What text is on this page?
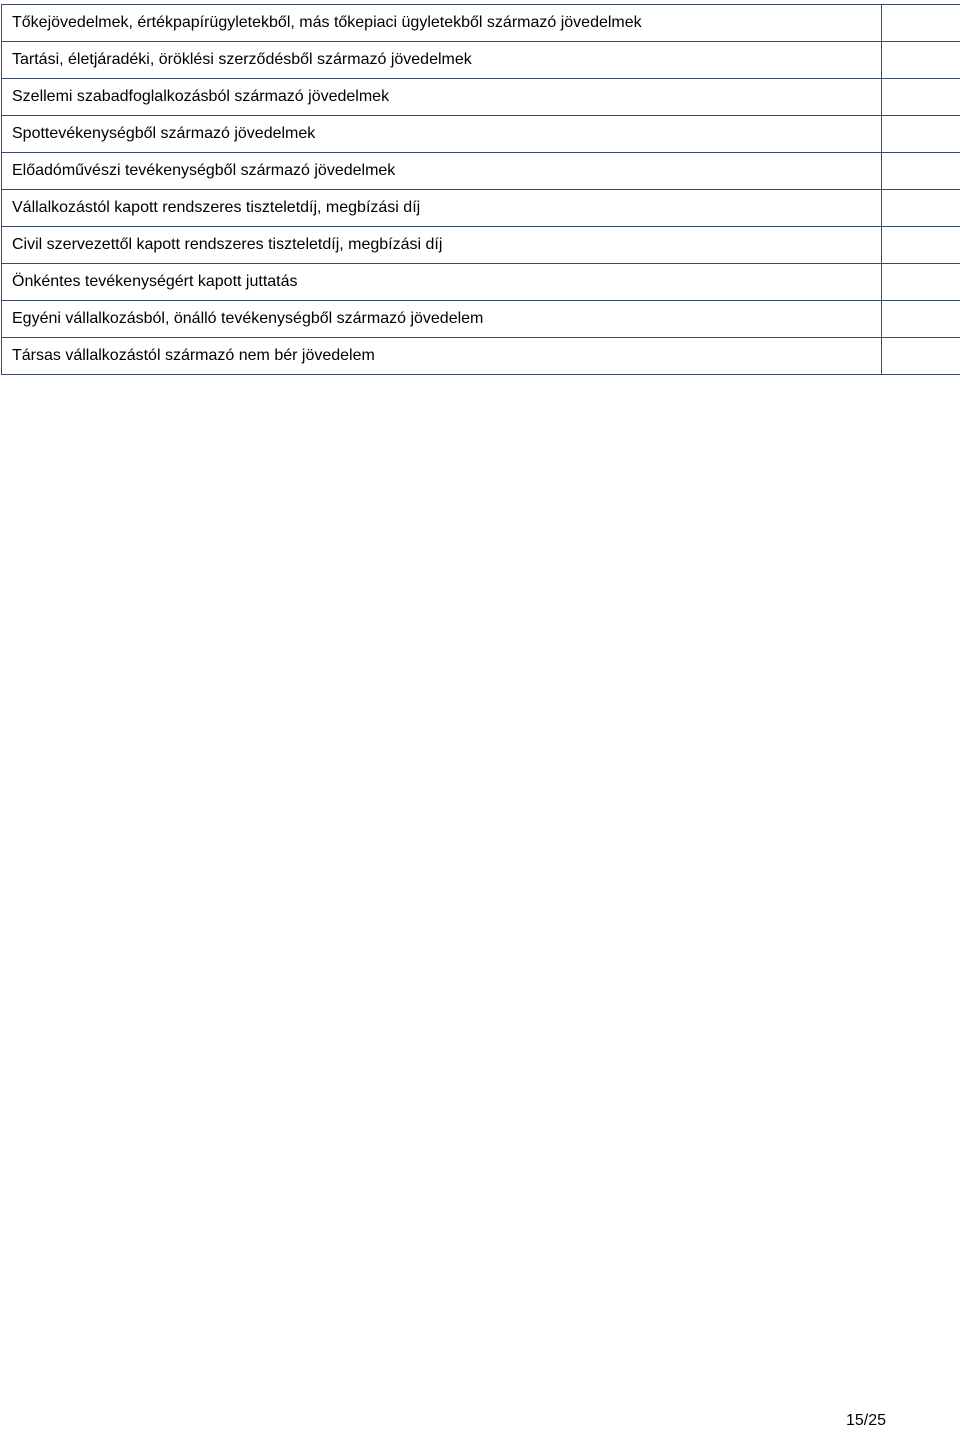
Tőkejövedelmek, értékpapírügyletekből, más tőkepiaci ügyletekből származó jövedelmek	
Tartási, életjáradéki, öröklési szerződésből származó jövedelmek	
Szellemi szabadfoglalkozásból származó jövedelmek	
Spottevékenységből származó jövedelmek	
Előadóművészi tevékenységből származó jövedelmek	
Vállalkozástól kapott rendszeres tiszteletdíj, megbízási díj	
Civil szervezettől kapott rendszeres tiszteletdíj, megbízási díj	
Önkéntes tevékenységért kapott juttatás	
Egyéni vállalkozásból, önálló tevékenységből származó jövedelem	
Társas vállalkozástól származó nem bér jövedelem	
15/25
